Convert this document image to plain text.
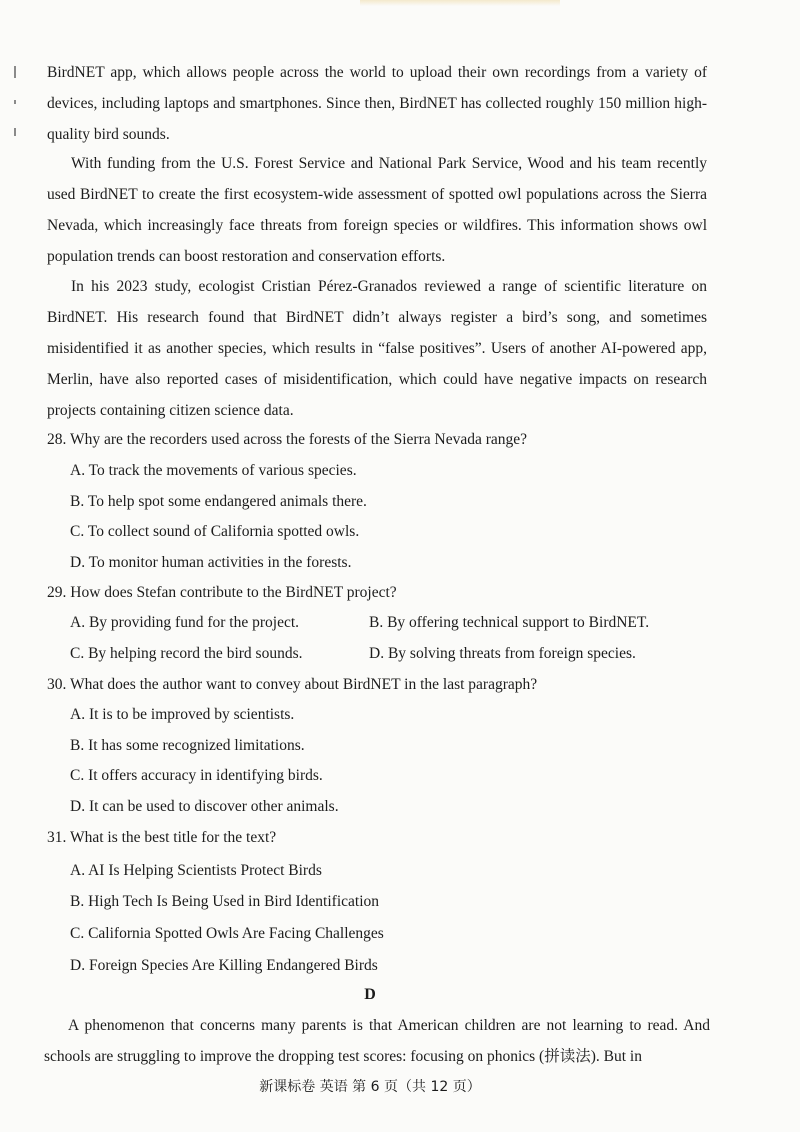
BirdNET app, which allows people across the world to upload their own recordings from a variety of devices, including laptops and smartphones. Since then, BirdNET has collected roughly 150 million high-quality bird sounds.

With funding from the U.S. Forest Service and National Park Service, Wood and his team recently used BirdNET to create the first ecosystem-wide assessment of spotted owl populations across the Sierra Nevada, which increasingly face threats from foreign species or wildfires. This information shows owl population trends can boost restoration and conservation efforts.

In his 2023 study, ecologist Cristian Pérez-Granados reviewed a range of scientific literature on BirdNET. His research found that BirdNET didn’t always register a bird’s song, and sometimes misidentified it as another species, which results in “false positives”. Users of another AI-powered app, Merlin, have also reported cases of misidentification, which could have negative impacts on research projects containing citizen science data.

28. Why are the recorders used across the forests of the Sierra Nevada range?

A. To track the movements of various species.

B. To help spot some endangered animals there.

C. To collect sound of California spotted owls.

D. To monitor human activities in the forests.

29. How does Stefan contribute to the BirdNET project?

A. By providing fund for the project.	B. By offering technical support to BirdNET.

C. By helping record the bird sounds.	D. By solving threats from foreign species.

30. What does the author want to convey about BirdNET in the last paragraph?

A. It is to be improved by scientists.

B. It has some recognized limitations.

C. It offers accuracy in identifying birds.

D. It can be used to discover other animals.

31. What is the best title for the text?

A. AI Is Helping Scientists Protect Birds

B. High Tech Is Being Used in Bird Identification

C. California Spotted Owls Are Facing Challenges

D. Foreign Species Are Killing Endangered Birds

D

A phenomenon that concerns many parents is that American children are not learning to read. And schools are struggling to improve the dropping test scores: focusing on phonics (拼读法). But in

新课标卷 英语 第 6 页（共 12 页）
